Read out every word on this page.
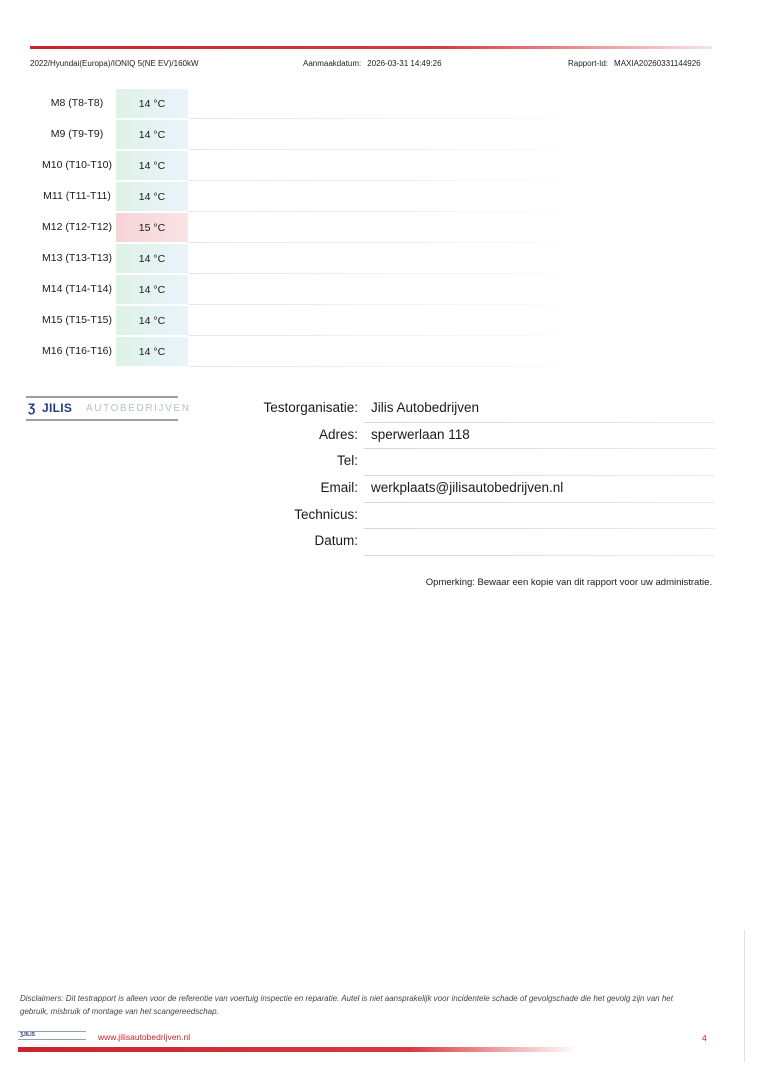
2022/Hyundai(Europa)/IONIQ 5(NE EV)/160kW	Aanmaakdatum: 2026-03-31 14:49:26	Rapport-Id: MAXIA20260331144926
M8 (T8-T8)	14 °C
M9 (T9-T9)	14 °C
M10 (T10-T10)	14 °C
M11 (T11-T11)	14 °C
M12 (T12-T12)	15 °C
M13 (T13-T13)	14 °C
M14 (T14-T14)	14 °C
M15 (T15-T15)	14 °C
M16 (T16-T16)	14 °C
Ʒ JILIS AUTOBEDRIJVEN	Testorganisatie: Jilis Autobedrijven
Adres: sperwerlaan 118
Tel:
Email: werkplaats@jilisautobedrijven.nl
Technicus:
Datum:
Opmerking: Bewaar een kopie van dit rapport voor uw administratie.
Disclaimers: Dit testrapport is alleen voor de referentie van voertuig inspectie en reparatie. Autel is niet aansprakelijk voor incidentele schade of gevolgschade die het gevolg zijn van het gebruik, misbruik of montage van het scangereedschap.
ƷJILIS	www.jilisautobedrijven.nl	4
